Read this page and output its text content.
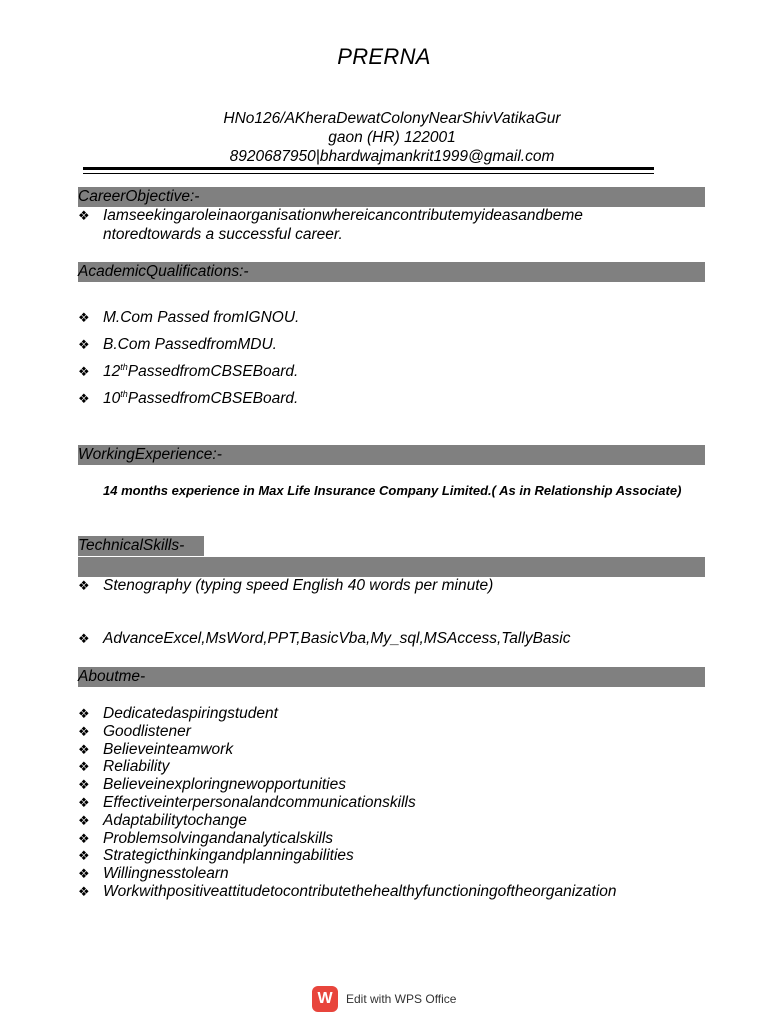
PRERNA
HNo126/AKheraDewatColonyNearShivVatikaGur
gaon (HR) 122001
8920687950|bhardwajmankrit1999@gmail.com
CareerObjective:-
❖ Iamseekingaroleinaorganisationwhereicancontributemyideasandbeme
ntoredtowards a successful career.
AcademicQualifications:-
❖ M.Com Passed fromIGNOU.
❖ B.Com PassedfromMDU.
❖ 12thPassedfromCBSEBoard.
❖ 10thPassedfromCBSEBoard.
WorkingExperience:-
14 months experience in Max Life Insurance Company Limited.( As in Relationship Associate)
TechnicalSkills-
❖ Stenography (typing speed English 40 words per minute)
❖ AdvanceExcel,MsWord,PPT,BasicVba,My_sql,MSAccess,TallyBasic
Aboutme-
❖ Dedicatedaspiringstudent
❖ Goodlistener
❖ Believeinteamwork
❖ Reliability
❖ Believeinexploringnewopportunities
❖ Effectiveinterpersonalandcommunicationskills
❖ Adaptabilitytochange
❖ Problemsolvingandanalyticalskills
❖ Strategicthinkingandplanningabilities
❖ Willingnesstolearn
❖ Workwithpositiveattitudetocontributethehealthyfunctioningoftheorganization
W	Edit with WPS Office
